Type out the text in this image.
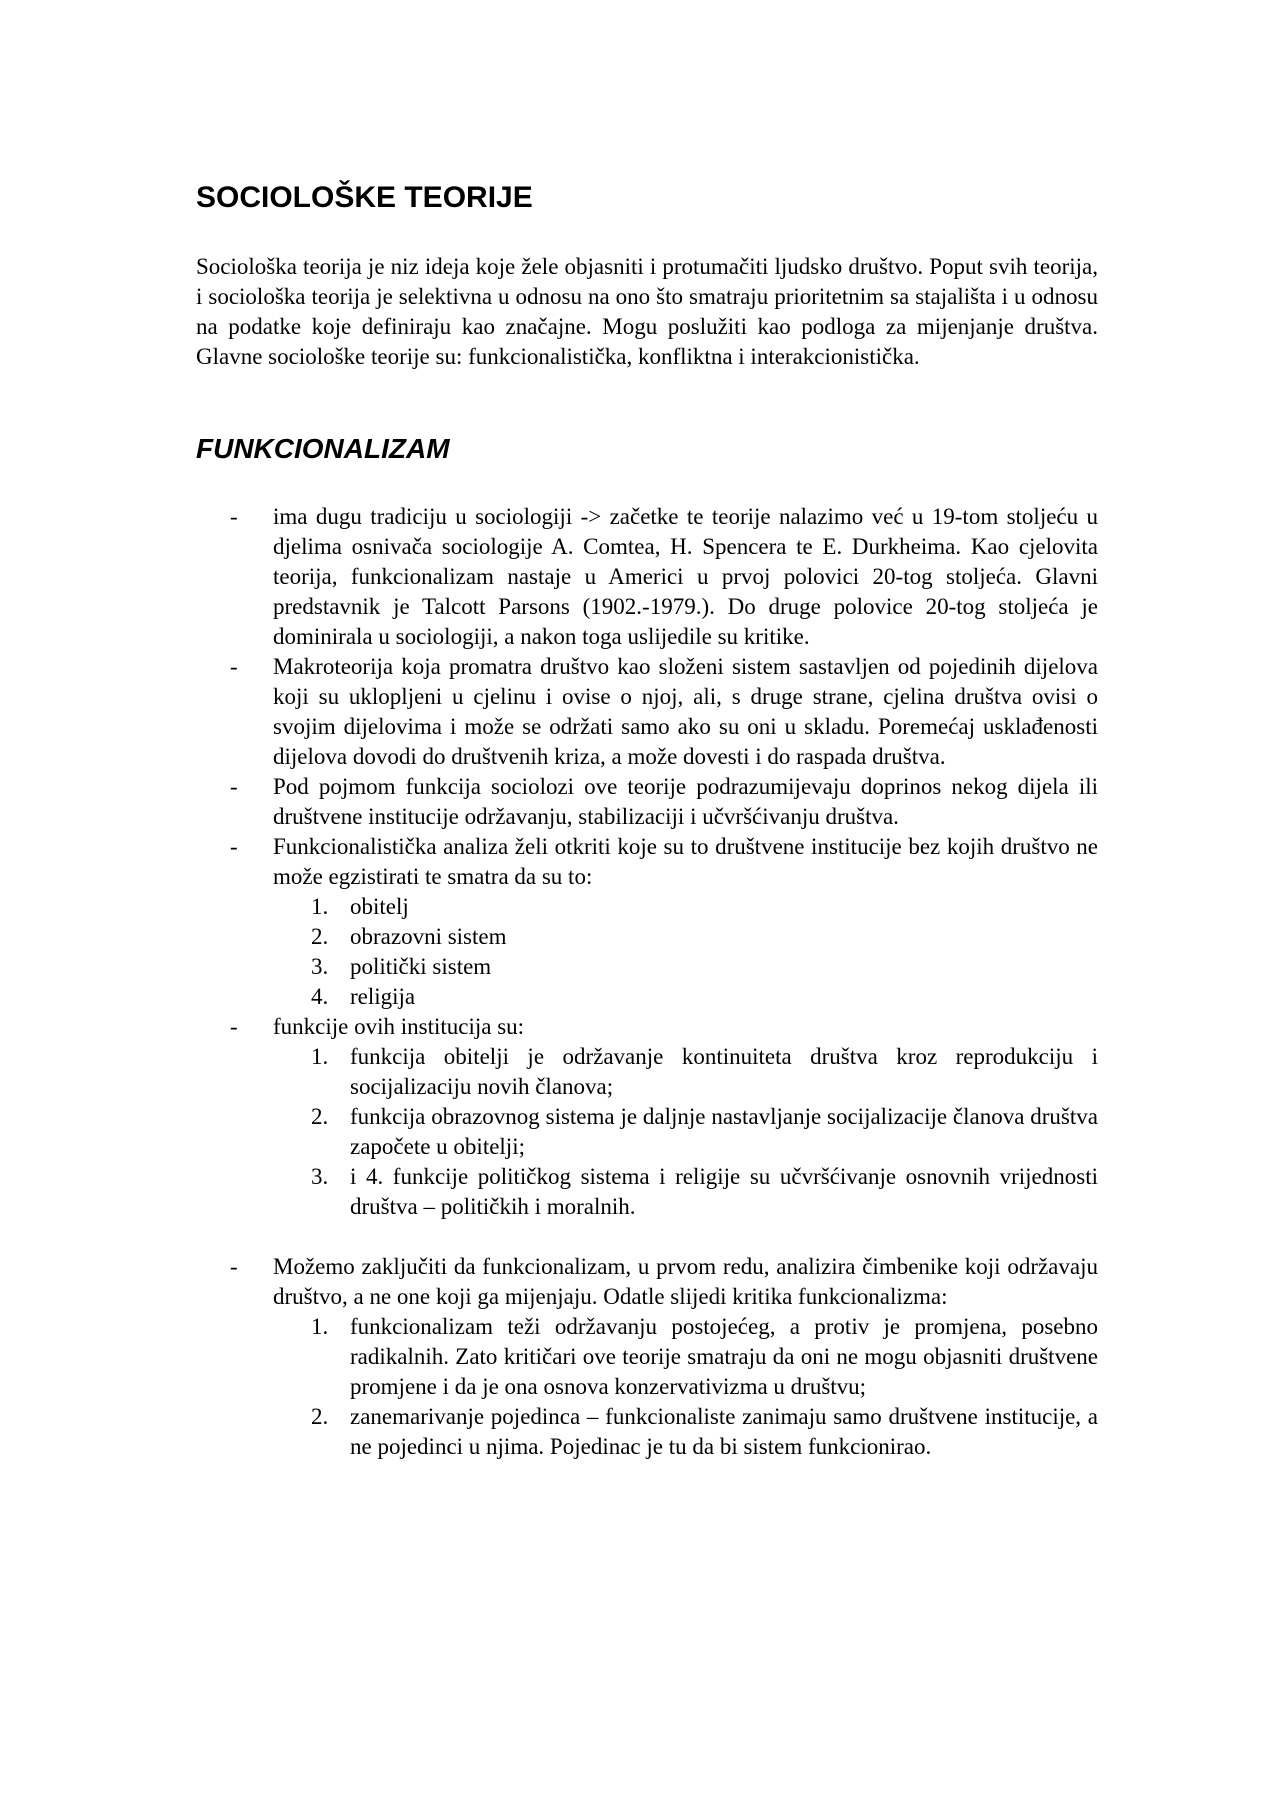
SOCIOLOŠKE TEORIJE

Sociološka teorija je niz ideja koje žele objasniti i protumačiti ljudsko društvo. Poput svih teorija, i sociološka teorija je selektivna u odnosu na ono što smatraju prioritetnim sa stajališta i u odnosu na podatke koje definiraju kao značajne. Mogu poslužiti kao podloga za mijenjanje društva. Glavne sociološke teorije su: funkcionalistička, konfliktna i interakcionistička.

FUNKCIONALIZAM
- ima dugu tradiciju u sociologiji -> začetke te teorije nalazimo već u 19-tom stoljeću u djelima osnivača sociologije A. Comtea, H. Spencera te E. Durkheima. Kao cjelovita teorija, funkcionalizam nastaje u Americi u prvoj polovici 20-tog stoljeća. Glavni predstavnik je Talcott Parsons (1902.-1979.). Do druge polovice 20-tog stoljeća je dominirala u sociologiji, a nakon toga uslijedile su kritike.
- Makroteorija koja promatra društvo kao složeni sistem sastavljen od pojedinih dijelova koji su uklopljeni u cjelinu i ovise o njoj, ali, s druge strane, cjelina društva ovisi o svojim dijelovima i može se održati samo ako su oni u skladu. Poremećaj usklađenosti dijelova dovodi do društvenih kriza, a može dovesti i do raspada društva.
- Pod pojmom funkcija sociolozi ove teorije podrazumijevaju doprinos nekog dijela ili društvene institucije održavanju, stabilizaciji i učvršćivanju društva.
- Funkcionalistička analiza želi otkriti koje su to društvene institucije bez kojih društvo ne može egzistirati te smatra da su to:
1. obitelj
2. obrazovni sistem
3. politički sistem
4. religija
- funkcije ovih institucija su:
1. funkcija obitelji je održavanje kontinuiteta društva kroz reprodukciju i socijalizaciju novih članova;
2. funkcija obrazovnog sistema je daljnje nastavljanje socijalizacije članova društva započete u obitelji;
3. i 4. funkcije političkog sistema i religije su učvršćivanje osnovnih vrijednosti društva – političkih i moralnih.
- Možemo zaključiti da funkcionalizam, u prvom redu, analizira čimbenike koji održavaju društvo, a ne one koji ga mijenjaju. Odatle slijedi kritika funkcionalizma:
1. funkcionalizam teži održavanju postojećeg, a protiv je promjena, posebno radikalnih. Zato kritičari ove teorije smatraju da oni ne mogu objasniti društvene promjene i da je ona osnova konzervativizma u društvu;
2. zanemarivanje pojedinca – funkcionaliste zanimaju samo društvene institucije, a ne pojedinci u njima. Pojedinac je tu da bi sistem funkcionirao.
